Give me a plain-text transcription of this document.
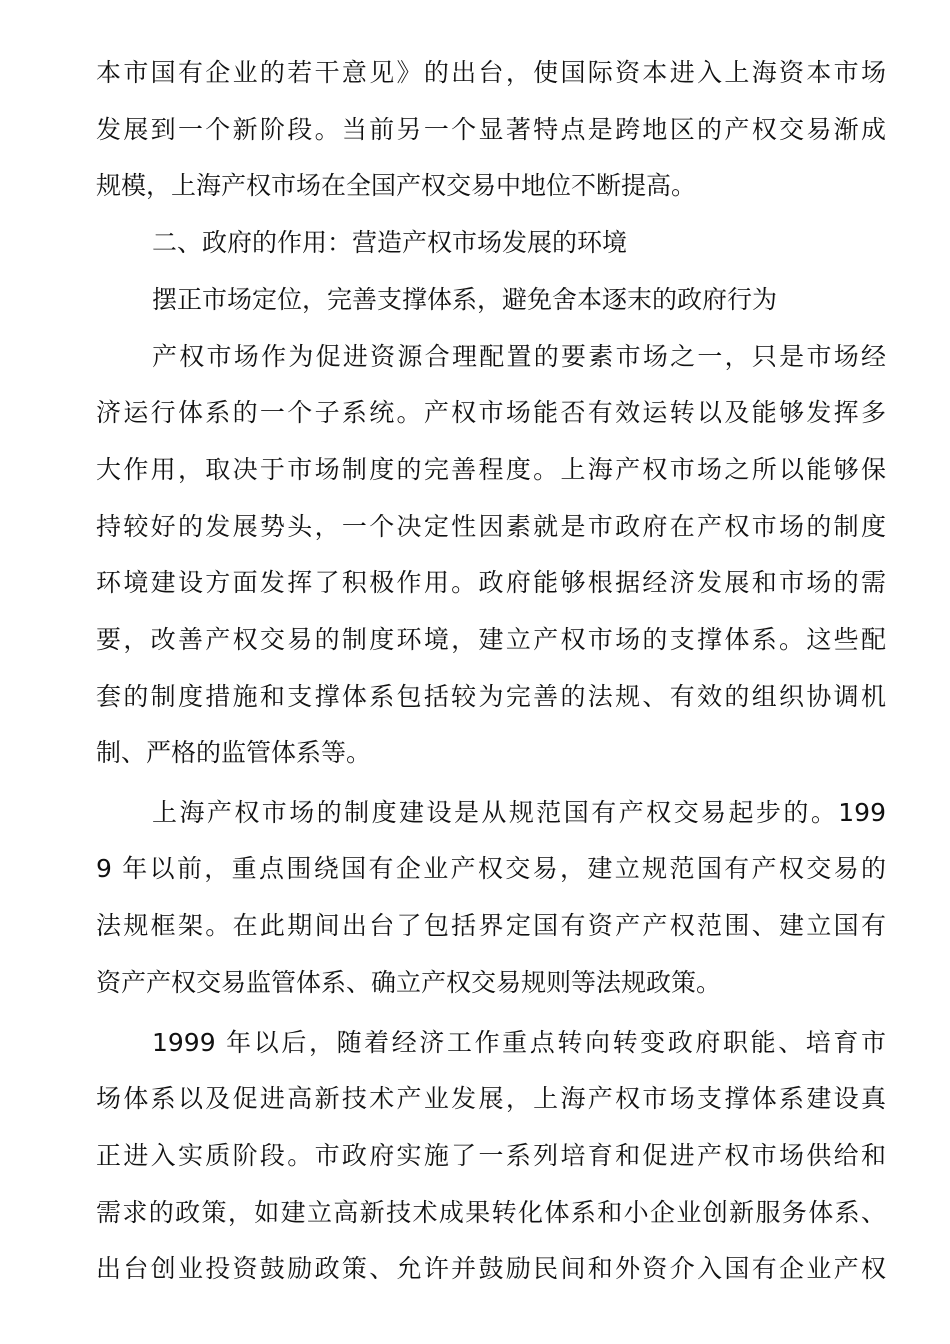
本市国有企业的若干意见》的出台，使国际资本进入上海资本市场
发展到一个新阶段。当前另一个显著特点是跨地区的产权交易渐成
规模，上海产权市场在全国产权交易中地位不断提高。
二、政府的作用：营造产权市场发展的环境
摆正市场定位，完善支撑体系，避免舍本逐末的政府行为
产权市场作为促进资源合理配置的要素市场之一，只是市场经
济运行体系的一个子系统。产权市场能否有效运转以及能够发挥多
大作用，取决于市场制度的完善程度。上海产权市场之所以能够保
持较好的发展势头，一个决定性因素就是市政府在产权市场的制度
环境建设方面发挥了积极作用。政府能够根据经济发展和市场的需
要，改善产权交易的制度环境，建立产权市场的支撑体系。这些配
套的制度措施和支撑体系包括较为完善的法规、有效的组织协调机
制、严格的监管体系等。
上海产权市场的制度建设是从规范国有产权交易起步的。199
9 年以前，重点围绕国有企业产权交易，建立规范国有产权交易的
法规框架。在此期间出台了包括界定国有资产产权范围、建立国有
资产产权交易监管体系、确立产权交易规则等法规政策。
1999 年以后，随着经济工作重点转向转变政府职能、培育市
场体系以及促进高新技术产业发展，上海产权市场支撑体系建设真
正进入实质阶段。市政府实施了一系列培育和促进产权市场供给和
需求的政策，如建立高新技术成果转化体系和小企业创新服务体系、
出台创业投资鼓励政策、允许并鼓励民间和外资介入国有企业产权
